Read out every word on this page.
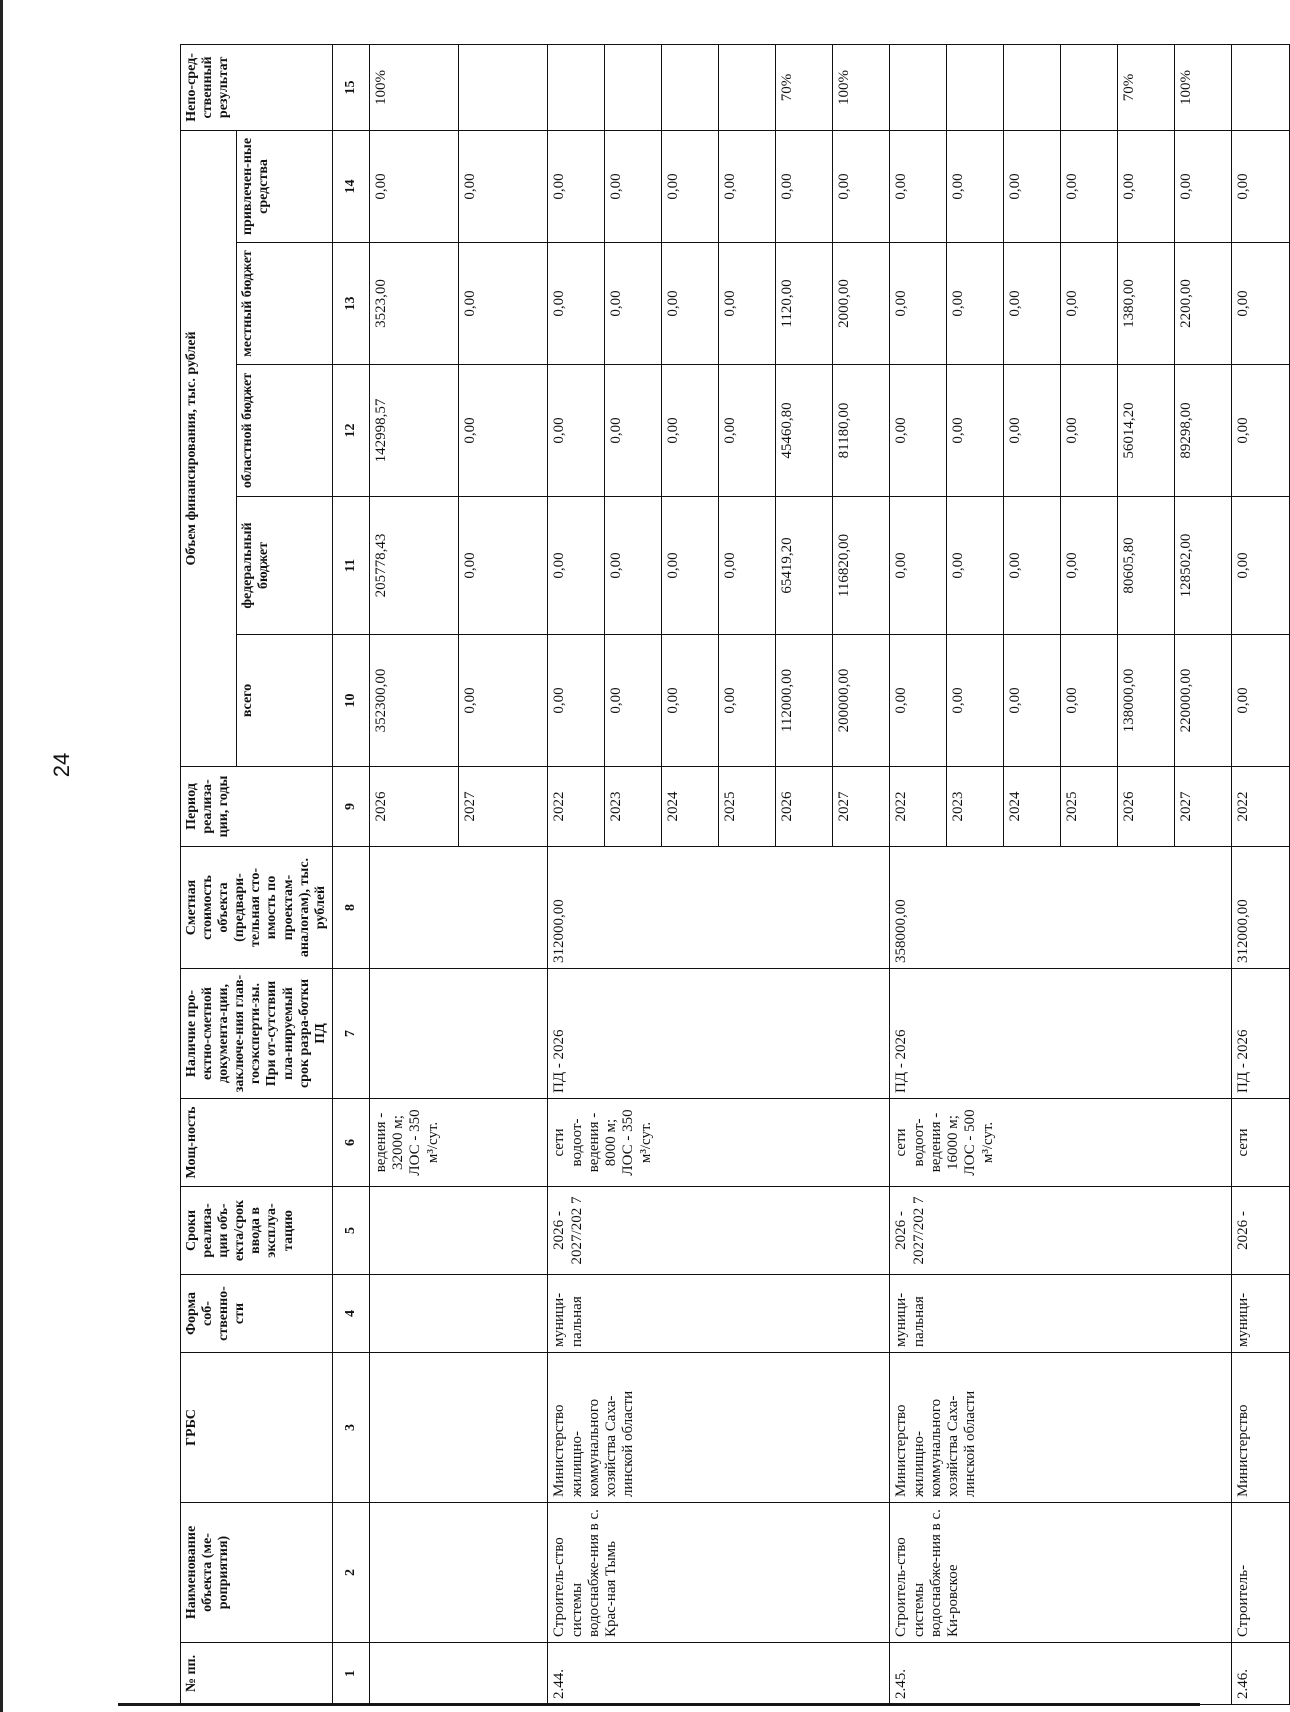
24
№ пп.	Наименование объекта (ме-роприятия)	ГРБС	Форма соб-ственно-сти	Сроки реализа-ции объ-екта/срок ввода в эксплуа-тацию	Мощ-ность	Наличие про-ектно-сметной документа-ции, заключе-ния глав-госэксперти-зы. При от-сутствии пла-нируемый срок разра-ботки ПД	Сметная стоимость объекта (предвари-тельная сто-имость по проектам-аналогам), тыс. рублей	Период реализа-ции, годы	Объем финансирования, тыс. рублей					Непо-сред-ственный результат
									всего	федеральный бюджет	областной бюджет	местный бюджет	привлечен-ные средства	
1	2	3	4	5	6	7	8	9	10	11	12	13	14	15
					ведения - 32000 м; ЛОС - 350 м³/сут.			2026	352300,00	205778,43	142998,57	3523,00	0,00	100%
								2027	0,00	0,00	0,00	0,00	0,00	
2.44.	Строитель-ство системы водоснабже-ния в с. Крас-ная Тымь	Министерство жилищно-коммунального хозяйства Саха-линской области	муници-пальная	2026 - 2027/202 7	сети водоот-ведения - 8000 м; ЛОС - 350 м³/сут.	ПД - 2026	312000,00	2022	0,00	0,00	0,00	0,00	0,00	
								2023	0,00	0,00	0,00	0,00	0,00	
								2024	0,00	0,00	0,00	0,00	0,00	
								2025	0,00	0,00	0,00	0,00	0,00	
								2026	112000,00	65419,20	45460,80	1120,00	0,00	70%
								2027	200000,00	116820,00	81180,00	2000,00	0,00	100%
2.45.	Строитель-ство системы водоснабже-ния в с. Ки-ровское	Министерство жилищно-коммунального хозяйства Саха-линской области	муници-пальная	2026 - 2027/202 7	сети водоот-ведения - 16000 м; ЛОС - 500 м³/сут.	ПД - 2026	358000,00	2022	0,00	0,00	0,00	0,00	0,00	
								2023	0,00	0,00	0,00	0,00	0,00	
								2024	0,00	0,00	0,00	0,00	0,00	
								2025	0,00	0,00	0,00	0,00	0,00	
								2026	138000,00	80605,80	56014,20	1380,00	0,00	70%
								2027	220000,00	128502,00	89298,00	2200,00	0,00	100%
2.46.	Строитель-	Министерство	муници-	2026 -	сети	ПД - 2026	312000,00	2022	0,00	0,00	0,00	0,00	0,00	
